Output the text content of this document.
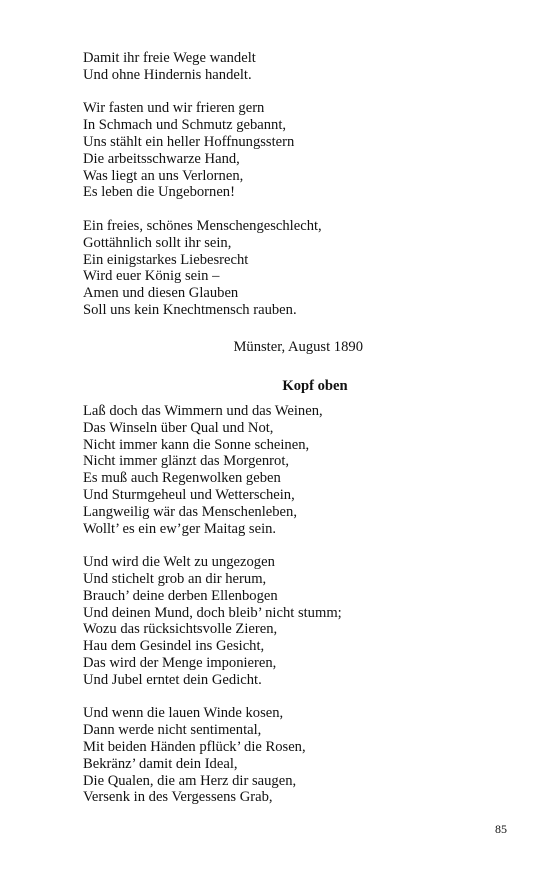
Damit ihr freie Wege wandelt
Und ohne Hindernis handelt.
Wir fasten und wir frieren gern
In Schmach und Schmutz gebannt,
Uns stählt ein heller Hoffnungsstern
Die arbeitsschwarze Hand,
Was liegt an uns Verlornen,
Es leben die Ungebornen!
Ein freies, schönes Menschengeschlecht,
Gottähnlich sollt ihr sein,
Ein einigstarkes Liebesrecht
Wird euer König sein –
Amen und diesen Glauben
Soll uns kein Knechtmensch rauben.
Münster, August 1890
Kopf oben
Laß doch das Wimmern und das Weinen,
Das Winseln über Qual und Not,
Nicht immer kann die Sonne scheinen,
Nicht immer glänzt das Morgenrot,
Es muß auch Regenwolken geben
Und Sturmgeheul und Wetterschein,
Langweilig wär das Menschenleben,
Wollt’ es ein ew’ger Maitag sein.
Und wird die Welt zu ungezogen
Und stichelt grob an dir herum,
Brauch’ deine derben Ellenbogen
Und deinen Mund, doch bleib’ nicht stumm;
Wozu das rücksichtsvolle Zieren,
Hau dem Gesindel ins Gesicht,
Das wird der Menge imponieren,
Und Jubel erntet dein Gedicht.
Und wenn die lauen Winde kosen,
Dann werde nicht sentimental,
Mit beiden Händen pflück’ die Rosen,
Bekränz’ damit dein Ideal,
Die Qualen, die am Herz dir saugen,
Versenk in des Vergessens Grab,
85
